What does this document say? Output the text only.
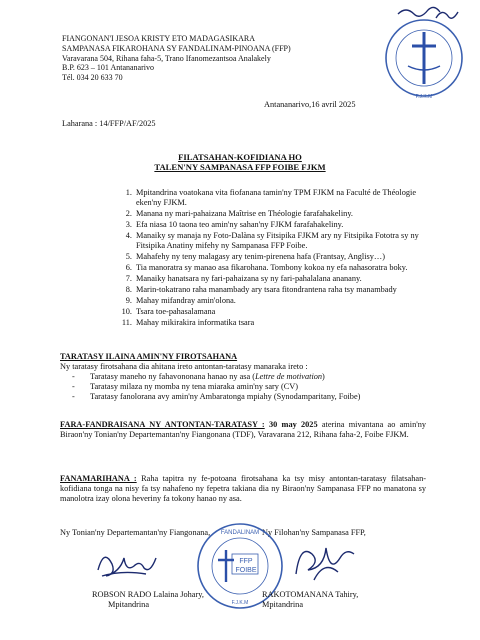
FIANGONAN'I JESOA KRISTY ETO MADAGASIKARA
SAMPANASA FIKAROHANA SY FANDALINAM-PINOANA (FFP)
Varavarana 504, Rihana faha-5, Trano Ifanomezantsoa Analakely
B.P. 623 – 101 Antananarivo
Tél. 034 20 633 70
F.J.K.M
Antananarivo,16 avril 2025
Laharana : 14/FFP/AF/2025
FILATSAHAN-KOFIDIANA HO
TALEN'NY SAMPANASA FFP FOIBE FJKM
1. Mpitandrina voatokana vita fiofanana tamin'ny TPM FJKM na Faculté de Théologie eken'ny FJKM.
2. Manana ny mari-pahaizana Maîtrise en Théologie farafahakeliny.
3. Efa niasa 10 taona teo amin'ny sahan'ny FJKM farafahakeliny.
4. Manaiky sy manaja ny Foto-Dalàna sy Fitsipika FJKM ary ny Fitsipika Fototra sy ny Fitsipika Anatiny mifehy ny Sampanasa FFP Foibe.
5. Mahafehy ny teny malagasy ary tenim-pirenena hafa (Frantsay, Anglisy…)
6. Tia manoratra sy manao asa fikarohana. Tombony kokoa ny efa nahasoratra boky.
7. Manaiky hanatsara ny fari-pahaizana sy ny fari-pahalalana ananany.
8. Marin-tokatrano raha manambady ary tsara fitondrantena raha tsy manambady
9. Mahay mifandray amin'olona.
10. Tsara toe-pahasalamana
11. Mahay mikirakira informatika tsara
TARATASY ILAINA AMIN'NY FIROTSAHANA
Ny taratasy firotsahana dia ahitana ireto antontan-taratasy manaraka ireto :
- Taratasy maneho ny fahavononana hanao ny asa (Lettre de motivation)
- Taratasy milaza ny momba ny tena miaraka amin'ny sary (CV)
- Taratasy fanolorana avy amin'ny Ambaratonga mpiahy (Synodamparitany, Foibe)
FARA-FANDRAISANA NY ANTONTAN-TARATASY : 30 may 2025 aterina mivantana ao amin'ny Biraon'ny Tonian'ny Departemantan'ny Fiangonana (TDF), Varavarana 212, Rihana faha-2, Foibe FJKM.
FANAMARIHANA : Raha tapitra ny fe-potoana firotsahana ka tsy misy antontan-taratasy filatsahan-kofidiana tonga na nisy fa tsy nahafeno ny fepetra takiana dia ny Biraon'ny Sampanasa FFP no manatona sy manolotra izay olona heveriny fa tokony hanao ny asa.
Ny Tonian'ny Departemantan'ny Fiangonana,	Ny Filohan'ny Sampanasa FFP,
FFP
FOIBE
FANDALINAM
F.J.K.M
ROBSON RADO Lalaina Johary,
Mpitandrina
RAKOTOMANANA Tahiry,
Mpitandrina
